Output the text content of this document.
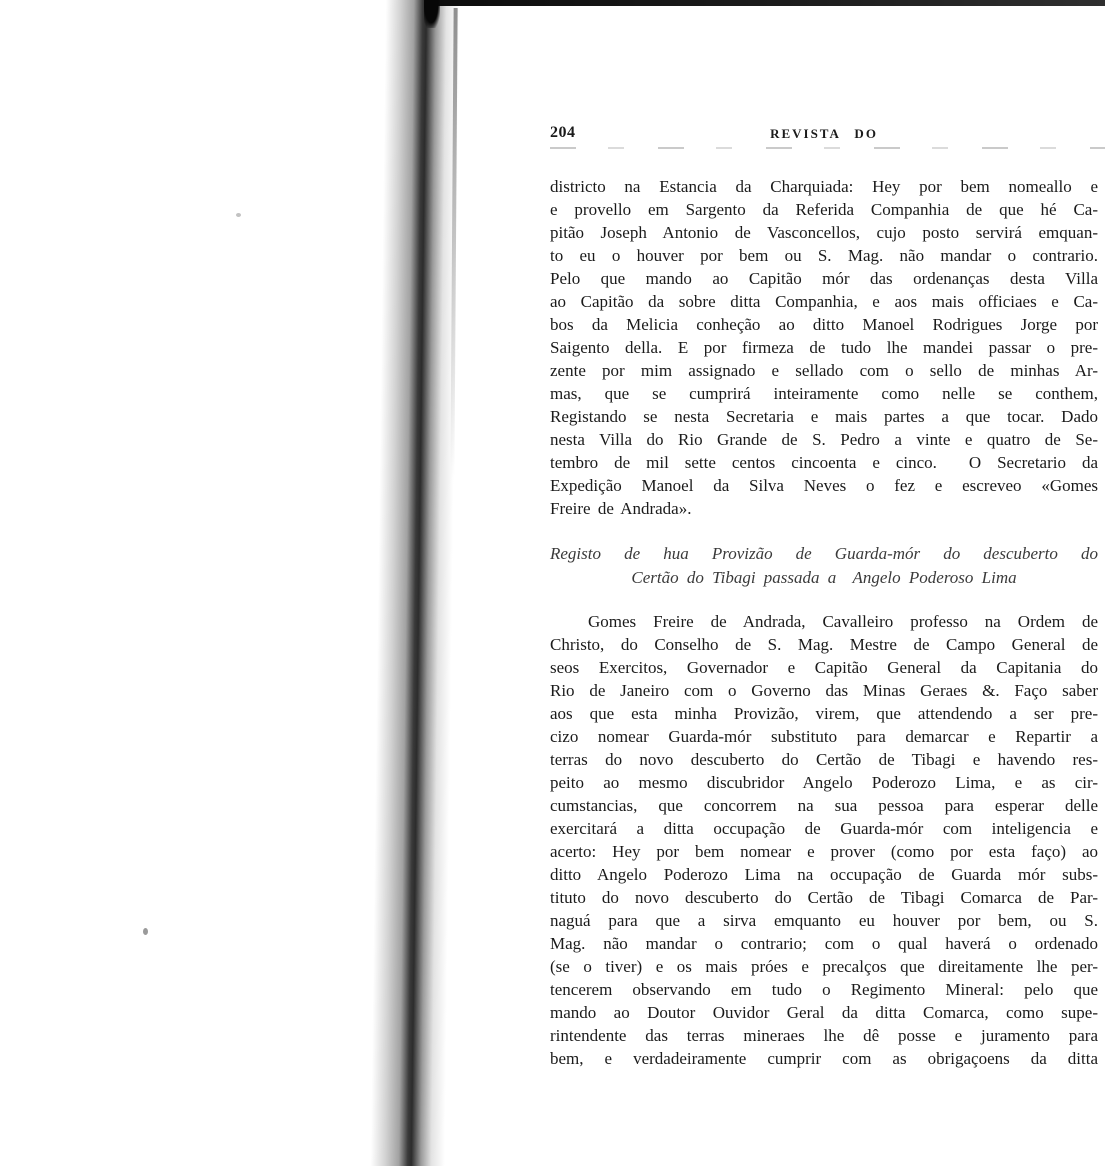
204	REVISTA DO
districto na Estancia da Charquiada: Hey por bem nomeallo e
e provello em Sargento da Referida Companhia de que hé Ca-
pitão Joseph Antonio de Vasconcellos, cujo posto servirá emquan-
to eu o houver por bem ou S. Mag. não mandar o contrario.
Pelo que mando ao Capitão mór das ordenanças desta Villa
ao Capitão da sobre ditta Companhia, e aos mais officiaes e Ca-
bos da Melicia conheção ao ditto Manoel Rodrigues Jorge por
Saigento della. E por firmeza de tudo lhe mandei passar o pre-
zente por mim assignado e sellado com o sello de minhas Ar-
mas, que se cumprirá inteiramente como nelle se conthem,
Registando se nesta Secretaria e mais partes a que tocar. Dado
nesta Villa do Rio Grande de S. Pedro a vinte e quatro de Se-
tembro de mil sette centos cincoenta e cinco.  O Secretario da
Expedição Manoel da Silva Neves o fez e escreveo «Gomes
Freire de Andrada».
Registo de hua Provizão de Guarda-mór do descuberto do
Certão do Tibagi passada a  Angelo Poderoso Lima
Gomes Freire de Andrada, Cavalleiro professo na Ordem de
Christo, do Conselho de S. Mag. Mestre de Campo General de
seos Exercitos, Governador e Capitão General da Capitania do
Rio de Janeiro com o Governo das Minas Geraes &. Faço saber
aos que esta minha Provizão, virem, que attendendo a ser pre-
cizo nomear Guarda-mór substituto para demarcar e Repartir a
terras do novo descuberto do Certão de Tibagi e havendo res-
peito ao mesmo discubridor Angelo Poderozo Lima, e as cir-
cumstancias, que concorrem na sua pessoa para esperar delle
exercitará a ditta occupação de Guarda-mór com inteligencia e
acerto: Hey por bem nomear e prover (como por esta faço) ao
ditto Angelo Poderozo Lima na occupação de Guarda mór subs-
tituto do novo descuberto do Certão de Tibagi Comarca de Par-
naguá para que a sirva emquanto eu houver por bem, ou S.
Mag. não mandar o contrario; com o qual haverá o ordenado
(se o tiver) e os mais próes e precalços que direitamente lhe per-
tencerem observando em tudo o Regimento Mineral: pelo que
mando ao Doutor Ouvidor Geral da ditta Comarca, como supe-
rintendente das terras mineraes lhe dê posse e juramento para
bem, e verdadeiramente cumprir com as obrigaçoens da ditta
